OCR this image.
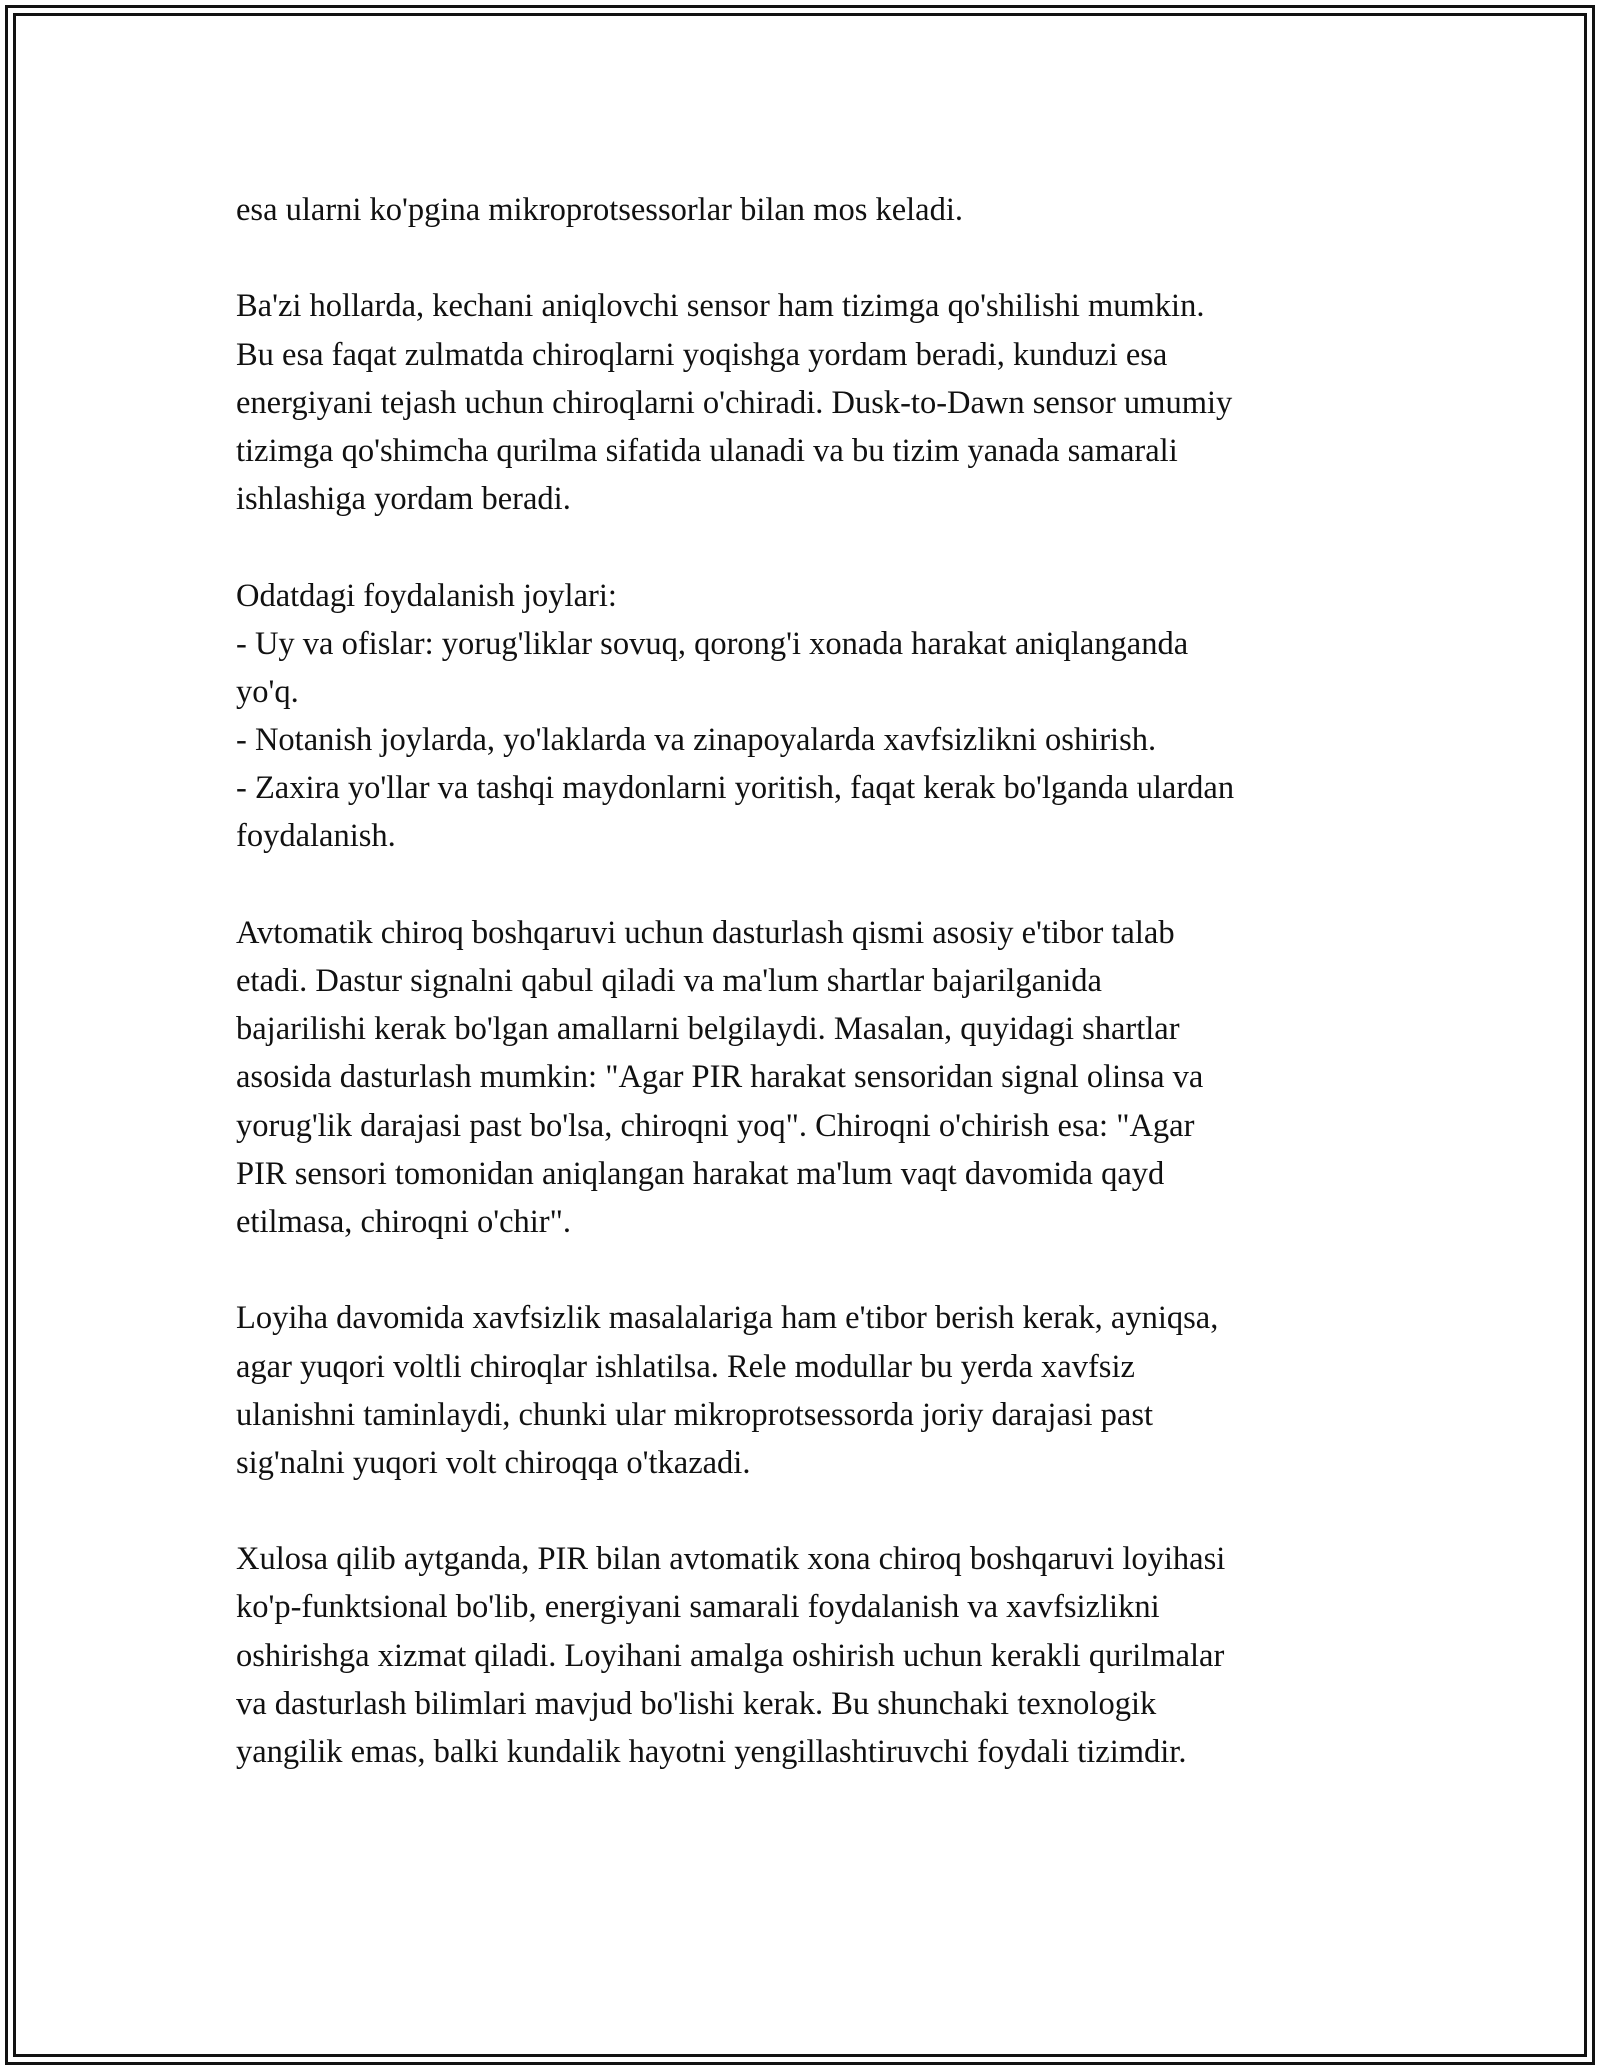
esa ularni ko'pgina mikroprotsessorlar bilan mos keladi.
Ba'zi hollarda, kechani aniqlovchi sensor ham tizimga qo'shilishi mumkin.
Bu esa faqat zulmatda chiroqlarni yoqishga yordam beradi, kunduzi esa
energiyani tejash uchun chiroqlarni o'chiradi. Dusk-to-Dawn sensor umumiy
tizimga qo'shimcha qurilma sifatida ulanadi va bu tizim yanada samarali
ishlashiga yordam beradi.
Odatdagi foydalanish joylari:
- Uy va ofislar: yorug'liklar sovuq, qorong'i xonada harakat aniqlanganda
yo'q.
- Notanish joylarda, yo'laklarda va zinapoyalarda xavfsizlikni oshirish.
- Zaxira yo'llar va tashqi maydonlarni yoritish, faqat kerak bo'lganda ulardan
foydalanish.
Avtomatik chiroq boshqaruvi uchun dasturlash qismi asosiy e'tibor talab
etadi. Dastur signalni qabul qiladi va ma'lum shartlar bajarilganida
bajarilishi kerak bo'lgan amallarni belgilaydi. Masalan, quyidagi shartlar
asosida dasturlash mumkin: "Agar PIR harakat sensoridan signal olinsa va
yorug'lik darajasi past bo'lsa, chiroqni yoq". Chiroqni o'chirish esa: "Agar
PIR sensori tomonidan aniqlangan harakat ma'lum vaqt davomida qayd
etilmasa, chiroqni o'chir".
Loyiha davomida xavfsizlik masalalariga ham e'tibor berish kerak, ayniqsa,
agar yuqori voltli chiroqlar ishlatilsa. Rele modullar bu yerda xavfsiz
ulanishni taminlaydi, chunki ular mikroprotsessorda joriy darajasi past
sig'nalni yuqori volt chiroqqa o'tkazadi.
Xulosa qilib aytganda, PIR bilan avtomatik xona chiroq boshqaruvi loyihasi
ko'p-funktsional bo'lib, energiyani samarali foydalanish va xavfsizlikni
oshirishga xizmat qiladi. Loyihani amalga oshirish uchun kerakli qurilmalar
va dasturlash bilimlari mavjud bo'lishi kerak. Bu shunchaki texnologik
yangilik emas, balki kundalik hayotni yengillashtiruvchi foydali tizimdir.
